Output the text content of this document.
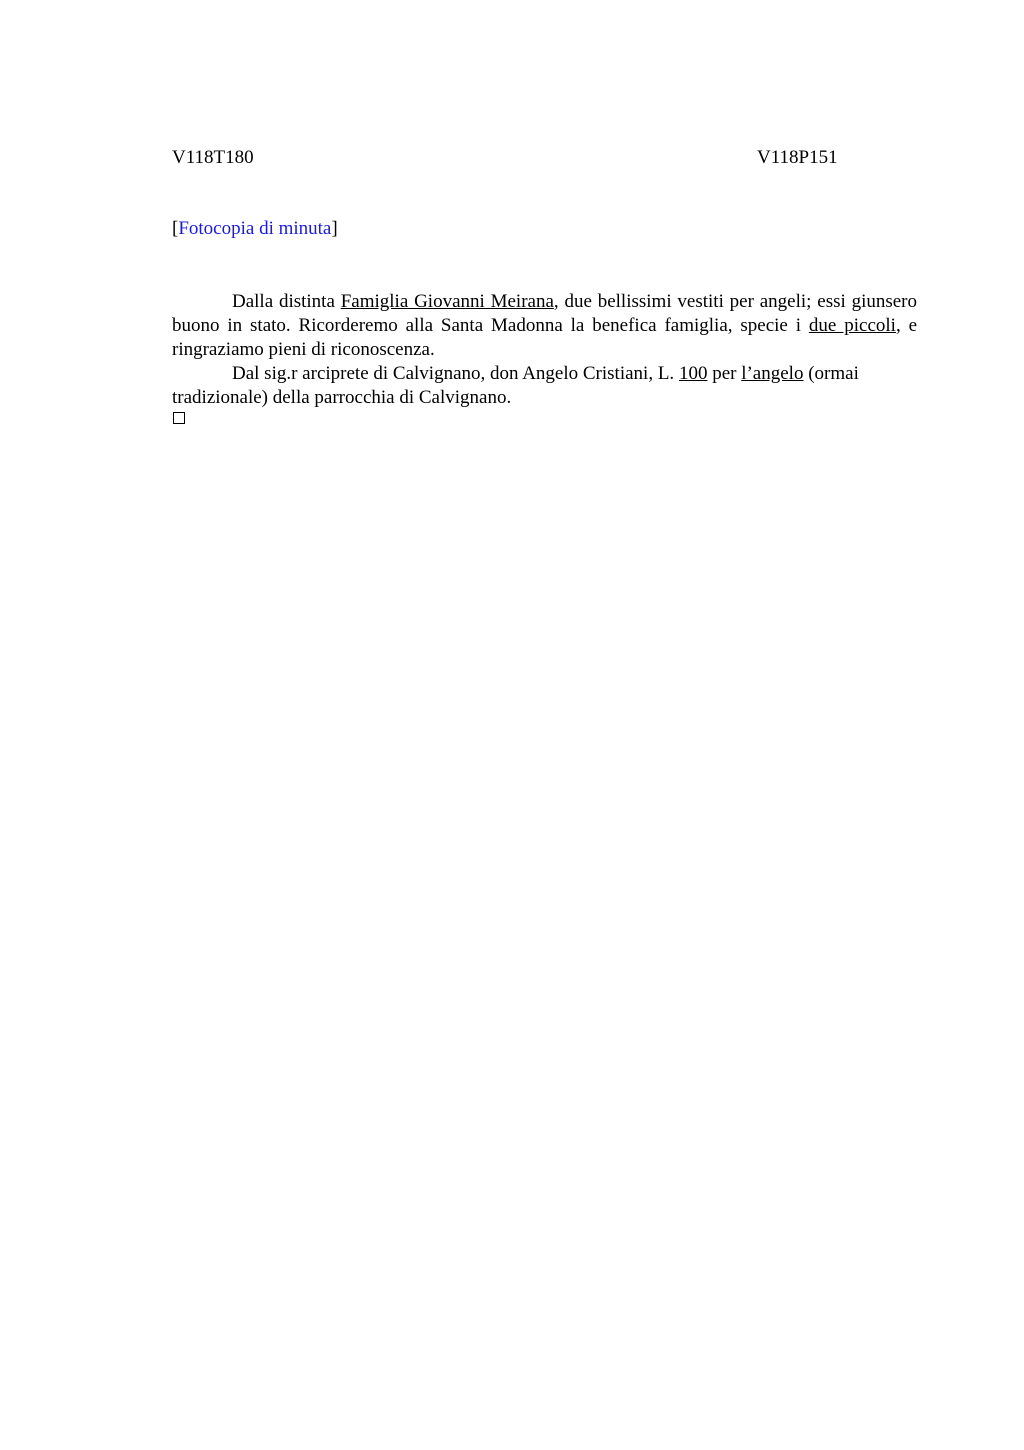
V118T180	V118P151
[Fotocopia di minuta]

Dalla distinta Famiglia Giovanni Meirana, due bellissimi vestiti per angeli; essi giunsero buono in stato. Ricorderemo alla Santa Madonna la benefica famiglia, specie i due piccoli, e ringraziamo pieni di riconoscenza.

Dal sig.r arciprete di Calvignano, don Angelo Cristiani, L. 100 per l’angelo (ormai tradizionale) della parrocchia di Calvignano.
